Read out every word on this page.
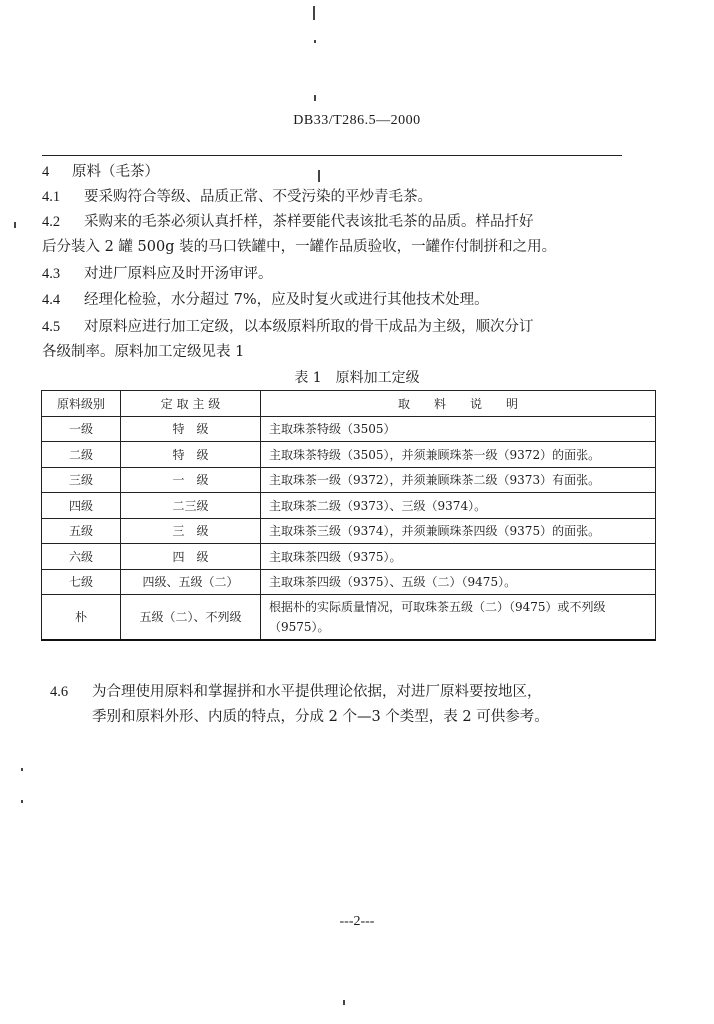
DB33/T286.5—2000
4 原料（毛茶）
4.1 要采购符合等级、品质正常、不受污染的平炒青毛茶。
4.2 采购来的毛茶必须认真扦样，茶样要能代表该批毛茶的品质。样品扦好
后分装入 2 罐 500g 装的马口铁罐中，一罐作品质验收，一罐作付制拼和之用。
4.3 对进厂原料应及时开汤审评。
4.4 经理化检验，水分超过 7%，应及时复火或进行其他技术处理。
4.5 对原料应进行加工定级，以本级原料所取的骨干成品为主级，顺次分订
各级制率。原料加工定级见表 1
表 1　原料加工定级
原料级别	定 取 主 级	取　　料　　说　　明
一级	特　级	主取珠茶特级（3505）
二级	特　级	主取珠茶特级（3505），并须兼顾珠茶一级（9372）的面张。
三级	一　级	主取珠茶一级（9372），并须兼顾珠茶二级（9373）有面张。
四级	二三级	主取珠茶二级（9373）、三级（9374）。
五级	三　级	主取珠茶三级（9374），并须兼顾珠茶四级（9375）的面张。
六级	四　级	主取珠茶四级（9375）。
七级	四级、五级（二）	主取珠茶四级（9375）、五级（二）（9475）。
朴	五级（二）、不列级	根据朴的实际质量情况，可取珠茶五级（二）（9475）或不列级（9575）。
4.6 为合理使用原料和掌握拼和水平提供理论依据，对进厂原料要按地区，
季别和原料外形、内质的特点，分成 2 个—3 个类型，表 2 可供参考。
---2---
